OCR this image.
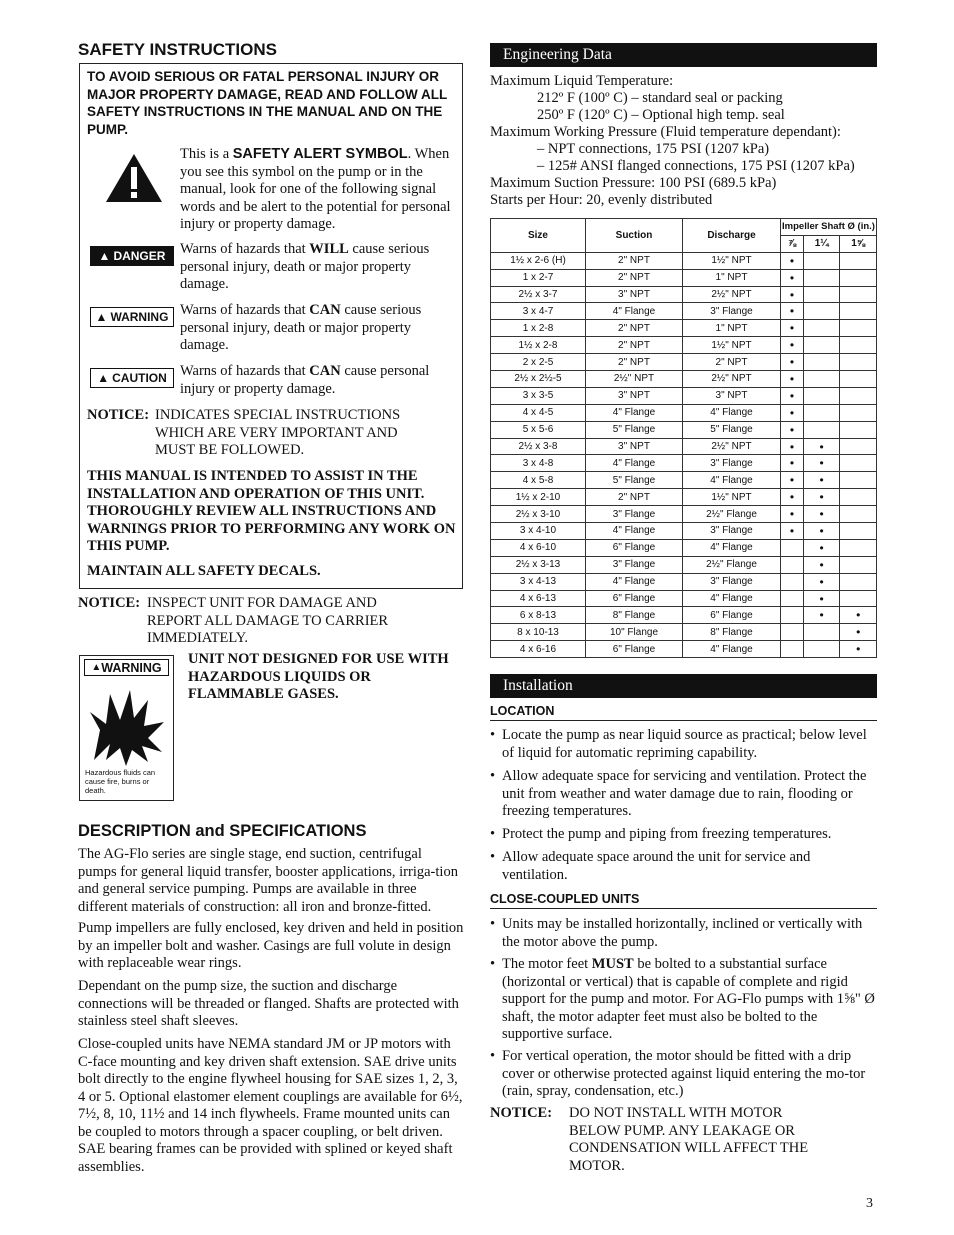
SAFETY INSTRUCTIONS
TO AVOID SERIOUS OR FATAL PERSONAL INJURY OR MAJOR PROPERTY DAMAGE, READ AND FOLLOW ALL SAFETY INSTRUCTIONS IN THE MANUAL AND ON THE PUMP.
This is a SAFETY ALERT SYMBOL. When you see this symbol on the pump or in the manual, look for one of the following signal words and be alert to the potential for personal injury or property damage.
▲ DANGER Warns of hazards that WILL cause serious personal injury, death or major property damage.
▲ WARNING Warns of hazards that CAN cause serious personal injury, death or major property damage.
▲ CAUTION Warns of hazards that CAN cause personal injury or property damage.
NOTICE: INDICATES SPECIAL INSTRUCTIONS WHICH ARE VERY IMPORTANT AND MUST BE FOLLOWED.
THIS MANUAL IS INTENDED TO ASSIST IN THE INSTALLATION AND OPERATION OF THIS UNIT. THOROUGHLY REVIEW ALL INSTRUCTIONS AND WARNINGS PRIOR TO PERFORMING ANY WORK ON THIS PUMP.
MAINTAIN ALL SAFETY DECALS.
NOTICE: INSPECT UNIT FOR DAMAGE AND REPORT ALL DAMAGE TO CARRIER IMMEDIATELY.
▲ WARNING
Hazardous fluids can cause fire, burns or death.
UNIT NOT DESIGNED FOR USE WITH HAZARDOUS LIQUIDS OR FLAMMABLE GASES.
DESCRIPTION and SPECIFICATIONS
The AG-Flo series are single stage, end suction, centrifugal pumps for general liquid transfer, booster applications, irriga-tion and general service pumping. Pumps are available in three different materials of construction: all iron and bronze-fitted.
Pump impellers are fully enclosed, key driven and held in position by an impeller bolt and washer. Casings are full volute in design with replaceable wear rings.
Dependant on the pump size, the suction and discharge connections will be threaded or flanged. Shafts are protected with stainless steel shaft sleeves.
Close-coupled units have NEMA standard JM or JP motors with C-face mounting and key driven shaft extension. SAE drive units bolt directly to the engine flywheel housing for SAE sizes 1, 2, 3, 4 or 5. Optional elastomer element couplings are available for 6½, 7½, 8, 10, 11½ and 14 inch flywheels. Frame mounted units can be coupled to motors through a spacer coupling, or belt driven. SAE bearing frames can be provided with splined or keyed shaft assemblies.
Engineering Data
Maximum Liquid Temperature:
212º F (100º C) – standard seal or packing
250º F (120º C) – Optional high temp. seal
Maximum Working Pressure (Fluid temperature dependant):
– NPT connections, 175 PSI (1207 kPa)
– 125# ANSI flanged connections, 175 PSI (1207 kPa)
Maximum Suction Pressure: 100 PSI (689.5 kPa)
Starts per Hour: 20, evenly distributed
Size	Suction	Discharge	Impeller Shaft Ø (in.)		
			⅞	1¼	1⅝
1½ x 2-6 (H)	2" NPT	1½" NPT	•		
1 x 2-7	2" NPT	1" NPT	•		
2½ x 3-7	3" NPT	2½" NPT	•		
3 x 4-7	4" Flange	3" Flange	•		
1 x 2-8	2" NPT	1" NPT	•		
1½ x 2-8	2" NPT	1½" NPT	•		
2 x 2-5	2" NPT	2" NPT	•		
2½ x 2½-5	2½" NPT	2½" NPT	•		
3 x 3-5	3" NPT	3" NPT	•		
4 x 4-5	4" Flange	4" Flange	•		
5 x 5-6	5" Flange	5" Flange	•		
2½ x 3-8	3" NPT	2½" NPT	•	•	
3 x 4-8	4" Flange	3" Flange	•	•	
4 x 5-8	5" Flange	4" Flange	•	•	
1½ x 2-10	2" NPT	1½" NPT	•	•	
2½ x 3-10	3" Flange	2½" Flange	•	•	
3 x 4-10	4" Flange	3" Flange	•	•	
4 x 6-10	6" Flange	4" Flange		•	
2½ x 3-13	3" Flange	2½" Flange		•	
3 x 4-13	4" Flange	3" Flange		•	
4 x 6-13	6" Flange	4" Flange		•	
6 x 8-13	8" Flange	6" Flange		•	•
8 x 10-13	10" Flange	8" Flange			•
4 x 6-16	6" Flange	4" Flange			•
Installation
LOCATION
• Locate the pump as near liquid source as practical; below level of liquid for automatic repriming capability.
• Allow adequate space for servicing and ventilation. Protect the unit from weather and water damage due to rain, flooding or freezing temperatures.
• Protect the pump and piping from freezing temperatures.
• Allow adequate space around the unit for service and ventilation.
CLOSE-COUPLED UNITS
• Units may be installed horizontally, inclined or vertically with the motor above the pump.
• The motor feet MUST be bolted to a substantial surface (horizontal or vertical) that is capable of complete and rigid support for the pump and motor. For AG-Flo pumps with 1⅝" Ø shaft, the motor adapter feet must also be bolted to the supportive surface.
• For vertical operation, the motor should be fitted with a drip cover or otherwise protected against liquid entering the mo-tor (rain, spray, condensation, etc.)
NOTICE: DO NOT INSTALL WITH MOTOR BELOW PUMP. ANY LEAKAGE OR CONDENSATION WILL AFFECT THE MOTOR.
3
